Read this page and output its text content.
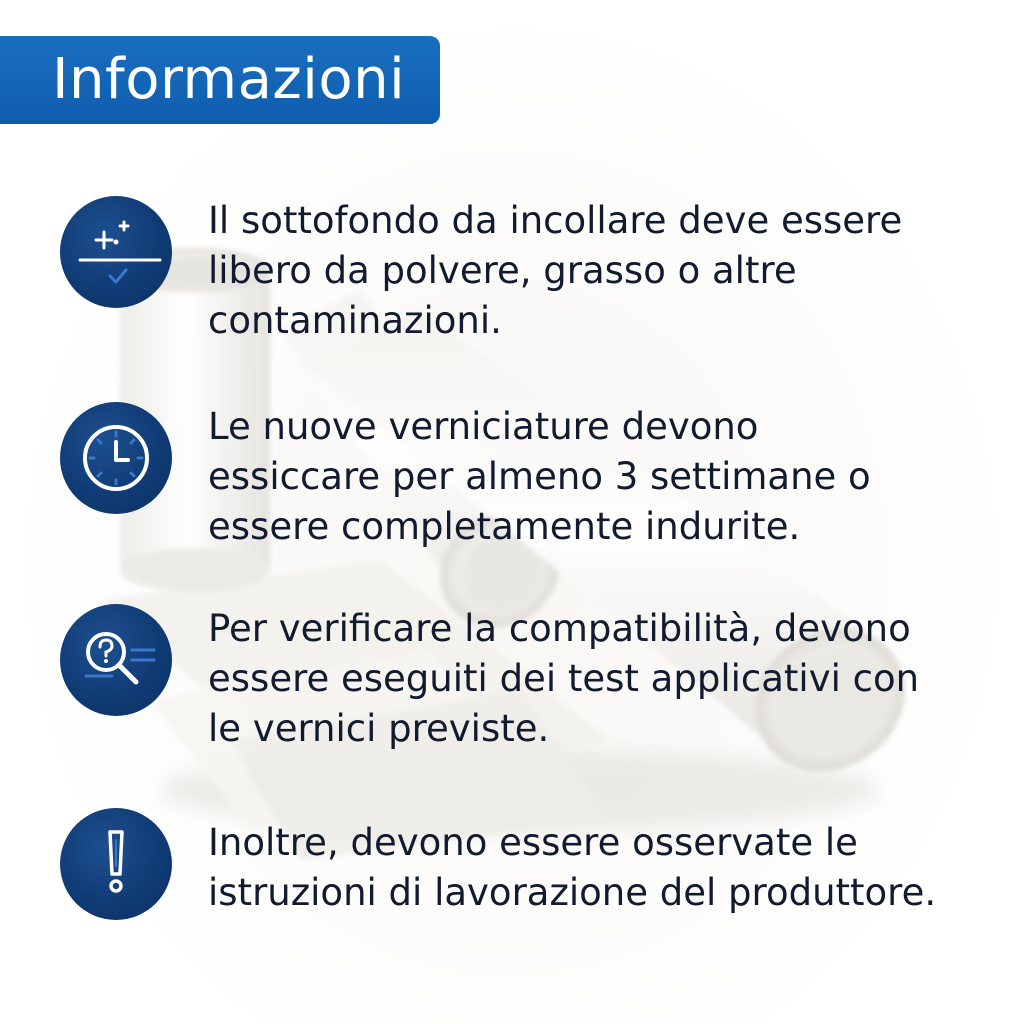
Informazioni
Il sottofondo da incollare deve essere
libero da polvere, grasso o altre
contaminazioni.
Le nuove verniciature devono
essiccare per almeno 3 settimane o
essere completamente indurite.
Per verificare la compatibilità, devono
essere eseguiti dei test applicativi con
le vernici previste.
Inoltre, devono essere osservate le
istruzioni di lavorazione del produttore.
